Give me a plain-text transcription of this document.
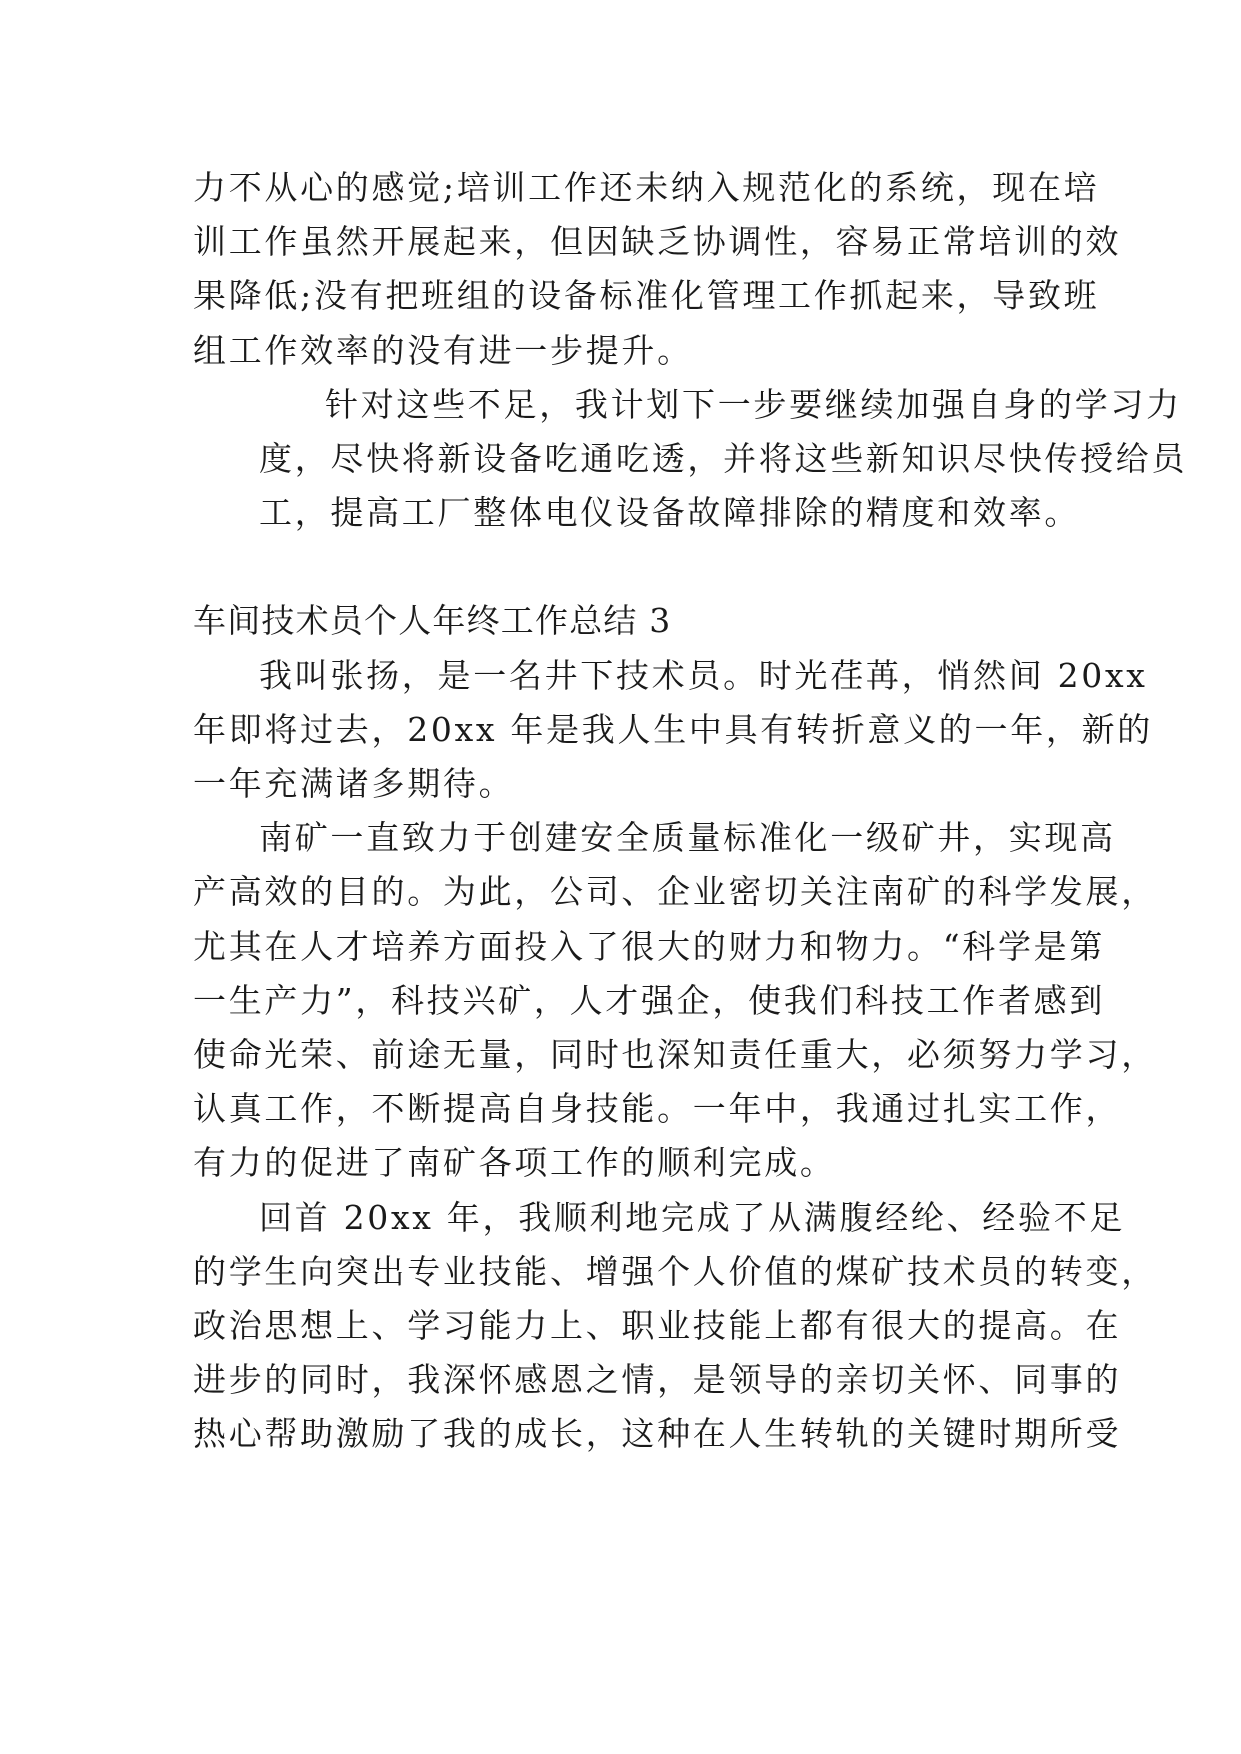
力不从心的感觉;培训工作还未纳入规范化的系统，现在培
训工作虽然开展起来，但因缺乏协调性，容易正常培训的效
果降低;没有把班组的设备标准化管理工作抓起来，导致班
组工作效率的没有进一步提升。
针对这些不足，我计划下一步要继续加强自身的学习力
度，尽快将新设备吃通吃透，并将这些新知识尽快传授给员
工，提高工厂整体电仪设备故障排除的精度和效率。
车间技术员个人年终工作总结 3
我叫张扬，是一名井下技术员。时光荏苒，悄然间 20xx
年即将过去，20xx 年是我人生中具有转折意义的一年，新的
一年充满诸多期待。
南矿一直致力于创建安全质量标准化一级矿井，实现高
产高效的目的。为此，公司、企业密切关注南矿的科学发展，
尤其在人才培养方面投入了很大的财力和物力。“科学是第
一生产力”，科技兴矿，人才强企，使我们科技工作者感到
使命光荣、前途无量，同时也深知责任重大，必须努力学习，
认真工作，不断提高自身技能。一年中，我通过扎实工作，
有力的促进了南矿各项工作的顺利完成。
回首 20xx 年，我顺利地完成了从满腹经纶、经验不足
的学生向突出专业技能、增强个人价值的煤矿技术员的转变，
政治思想上、学习能力上、职业技能上都有很大的提高。在
进步的同时，我深怀感恩之情，是领导的亲切关怀、同事的
热心帮助激励了我的成长，这种在人生转轨的关键时期所受
